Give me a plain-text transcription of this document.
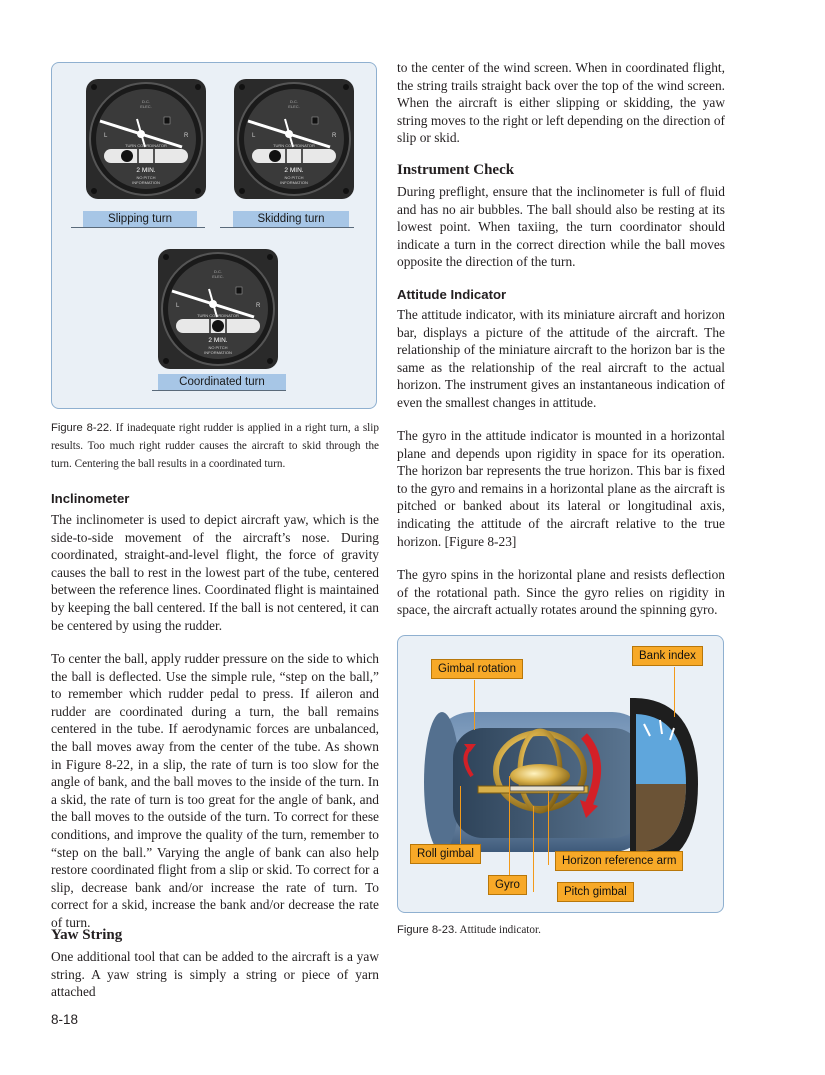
L	R
D.C.
ELEC.
TURN COORDINATOR
2 MIN.
NO PITCH
INFORMATION
Slipping turn
L	R
D.C.
ELEC.
TURN COORDINATOR
2 MIN.
NO PITCH
INFORMATION
Skidding turn
L	R
D.C.
ELEC.
TURN COORDINATOR
2 MIN.
NO PITCH
INFORMATION
Coordinated turn

Figure 8-22. If inadequate right rudder is applied in a right turn, a slip results. Too much right rudder causes the aircraft to skid through the turn. Centering the ball results in a coordinated turn.

Inclinometer

The inclinometer is used to depict aircraft yaw, which is the side-to-side movement of the aircraft’s nose. During coordinated, straight-and-level flight, the force of gravity causes the ball to rest in the lowest part of the tube, centered between the reference lines. Coordinated flight is maintained by keeping the ball centered. If the ball is not centered, it can be centered by using the rudder.

To center the ball, apply rudder pressure on the side to which the ball is deflected. Use the simple rule, “step on the ball,” to remember which rudder pedal to press. If aileron and rudder are coordinated during a turn, the ball remains centered in the tube. If aerodynamic forces are unbalanced, the ball moves away from the center of the tube. As shown in Figure 8-22, in a slip, the rate of turn is too slow for the angle of bank, and the ball moves to the inside of the turn. In a skid, the rate of turn is too great for the angle of bank, and the ball moves to the outside of the turn. To correct for these conditions, and improve the quality of the turn, remember to “step on the ball.” Varying the angle of bank can also help restore coordinated flight from a slip or skid. To correct for a slip, decrease bank and/or increase the rate of turn. To correct for a skid, increase the bank and/or decrease the rate of turn.

Yaw String

One additional tool that can be added to the aircraft is a yaw string. A yaw string is simply a string or piece of yarn attached

to the center of the wind screen. When in coordinated flight, the string trails straight back over the top of the wind screen. When the aircraft is either slipping or skidding, the yaw string moves to the right or left depending on the direction of slip or skid.

Instrument Check

During preflight, ensure that the inclinometer is full of fluid and has no air bubbles. The ball should also be resting at its lowest point. When taxiing, the turn coordinator should indicate a turn in the correct direction while the ball moves opposite the direction of the turn.

Attitude Indicator

The attitude indicator, with its miniature aircraft and horizon bar, displays a picture of the attitude of the aircraft. The relationship of the miniature aircraft to the horizon bar is the same as the relationship of the real aircraft to the actual horizon. The instrument gives an instantaneous indication of even the smallest changes in attitude.

The gyro in the attitude indicator is mounted in a horizontal plane and depends upon rigidity in space for its operation. The horizon bar represents the true horizon. This bar is fixed to the gyro and remains in a horizontal plane as the aircraft is pitched or banked about its lateral or longitudinal axis, indicating the attitude of the aircraft relative to the true horizon. [Figure 8-23]

The gyro spins in the horizontal plane and resists deflection of the rotational path. Since the gyro relies on rigidity in space, the aircraft actually rotates around the spinning gyro.

Gimbal rotation
Bank index
Roll gimbal
Horizon reference arm
Gyro
Pitch gimbal

Figure 8-23. Attitude indicator.

8-18
